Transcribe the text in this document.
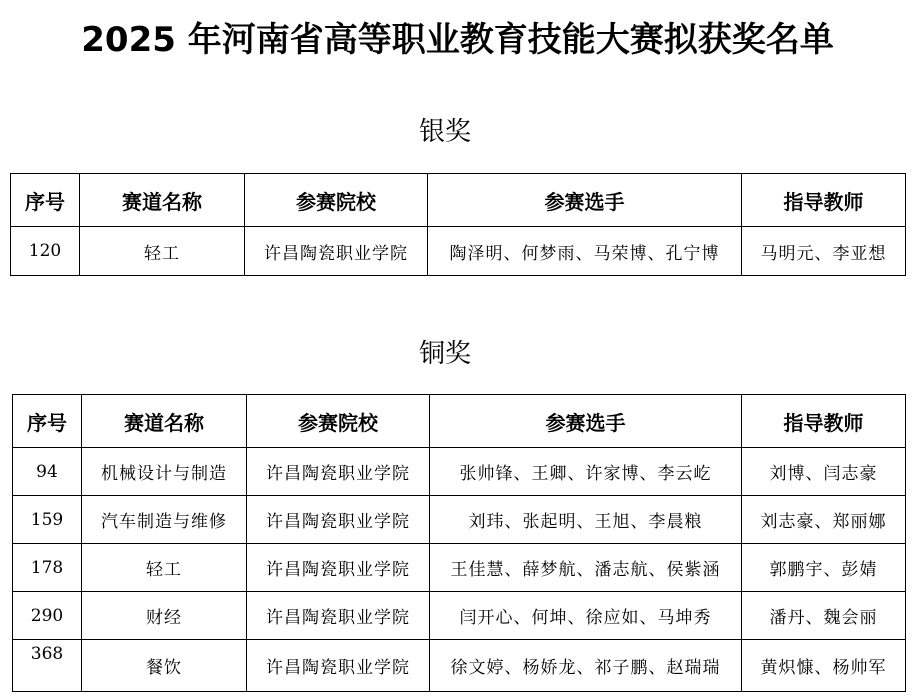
2025 年河南省高等职业教育技能大赛拟获奖名单
银奖
序号	赛道名称	参赛院校	参赛选手	指导教师
120	轻工	许昌陶瓷职业学院	陶泽明、何梦雨、马荣博、孔宁博	马明元、李亚想
铜奖
序号	赛道名称	参赛院校	参赛选手	指导教师
94	机械设计与制造	许昌陶瓷职业学院	张帅锋、王卿、许家博、李云屹	刘博、闫志豪
159	汽车制造与维修	许昌陶瓷职业学院	刘玮、张起明、王旭、李晨粮	刘志豪、郑丽娜
178	轻工	许昌陶瓷职业学院	王佳慧、薛梦航、潘志航、侯紫涵	郭鹏宇、彭婧
290	财经	许昌陶瓷职业学院	闫开心、何坤、徐应如、马坤秀	潘丹、魏会丽
368	餐饮	许昌陶瓷职业学院	徐文婷、杨娇龙、祁子鹏、赵瑞瑞	黄炽慷、杨帅军
